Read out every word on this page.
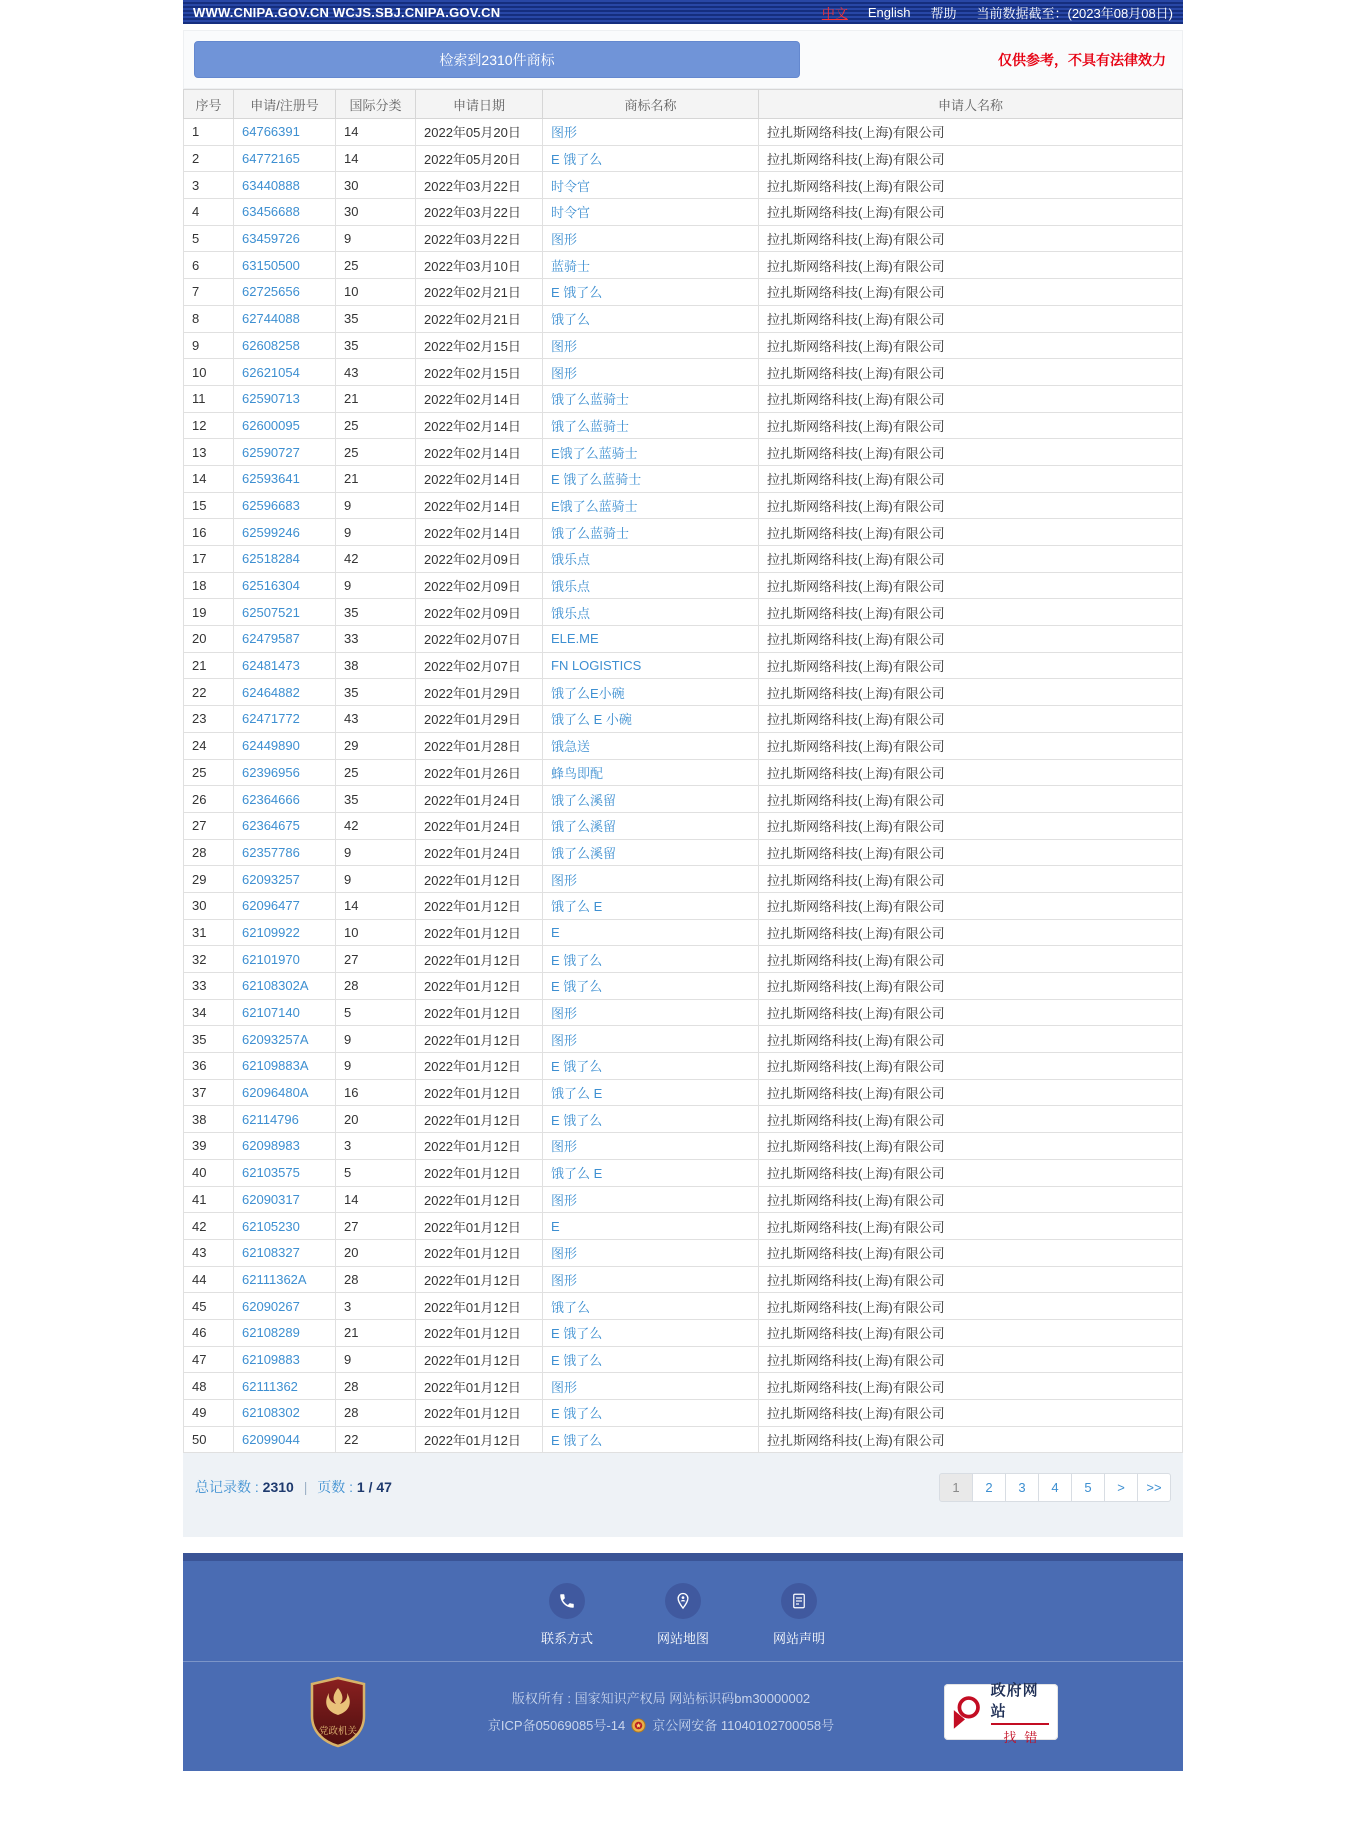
WWW.CNIPA.GOV.CN WCJS.SBJ.CNIPA.GOV.CN	中文 English 帮助 当前数据截至：(2023年08月08日)
检索到2310件商标	仅供参考，不具有法律效力
序号	申请/注册号	国际分类	申请日期	商标名称	申请人名称
1	64766391	14	2022年05月20日	图形	拉扎斯网络科技(上海)有限公司
2	64772165	14	2022年05月20日	E 饿了么	拉扎斯网络科技(上海)有限公司
3	63440888	30	2022年03月22日	时令官	拉扎斯网络科技(上海)有限公司
4	63456688	30	2022年03月22日	时令官	拉扎斯网络科技(上海)有限公司
5	63459726	9	2022年03月22日	图形	拉扎斯网络科技(上海)有限公司
6	63150500	25	2022年03月10日	蓝骑士	拉扎斯网络科技(上海)有限公司
7	62725656	10	2022年02月21日	E 饿了么	拉扎斯网络科技(上海)有限公司
8	62744088	35	2022年02月21日	饿了么	拉扎斯网络科技(上海)有限公司
9	62608258	35	2022年02月15日	图形	拉扎斯网络科技(上海)有限公司
10	62621054	43	2022年02月15日	图形	拉扎斯网络科技(上海)有限公司
11	62590713	21	2022年02月14日	饿了么蓝骑士	拉扎斯网络科技(上海)有限公司
12	62600095	25	2022年02月14日	饿了么蓝骑士	拉扎斯网络科技(上海)有限公司
13	62590727	25	2022年02月14日	E饿了么蓝骑士	拉扎斯网络科技(上海)有限公司
14	62593641	21	2022年02月14日	E 饿了么蓝骑士	拉扎斯网络科技(上海)有限公司
15	62596683	9	2022年02月14日	E饿了么蓝骑士	拉扎斯网络科技(上海)有限公司
16	62599246	9	2022年02月14日	饿了么蓝骑士	拉扎斯网络科技(上海)有限公司
17	62518284	42	2022年02月09日	饿乐点	拉扎斯网络科技(上海)有限公司
18	62516304	9	2022年02月09日	饿乐点	拉扎斯网络科技(上海)有限公司
19	62507521	35	2022年02月09日	饿乐点	拉扎斯网络科技(上海)有限公司
20	62479587	33	2022年02月07日	ELE.ME	拉扎斯网络科技(上海)有限公司
21	62481473	38	2022年02月07日	FN LOGISTICS	拉扎斯网络科技(上海)有限公司
22	62464882	35	2022年01月29日	饿了么E小碗	拉扎斯网络科技(上海)有限公司
23	62471772	43	2022年01月29日	饿了么 E 小碗	拉扎斯网络科技(上海)有限公司
24	62449890	29	2022年01月28日	饿急送	拉扎斯网络科技(上海)有限公司
25	62396956	25	2022年01月26日	蜂鸟即配	拉扎斯网络科技(上海)有限公司
26	62364666	35	2022年01月24日	饿了么溪留	拉扎斯网络科技(上海)有限公司
27	62364675	42	2022年01月24日	饿了么溪留	拉扎斯网络科技(上海)有限公司
28	62357786	9	2022年01月24日	饿了么溪留	拉扎斯网络科技(上海)有限公司
29	62093257	9	2022年01月12日	图形	拉扎斯网络科技(上海)有限公司
30	62096477	14	2022年01月12日	饿了么 E	拉扎斯网络科技(上海)有限公司
31	62109922	10	2022年01月12日	E	拉扎斯网络科技(上海)有限公司
32	62101970	27	2022年01月12日	E 饿了么	拉扎斯网络科技(上海)有限公司
33	62108302A	28	2022年01月12日	E 饿了么	拉扎斯网络科技(上海)有限公司
34	62107140	5	2022年01月12日	图形	拉扎斯网络科技(上海)有限公司
35	62093257A	9	2022年01月12日	图形	拉扎斯网络科技(上海)有限公司
36	62109883A	9	2022年01月12日	E 饿了么	拉扎斯网络科技(上海)有限公司
37	62096480A	16	2022年01月12日	饿了么 E	拉扎斯网络科技(上海)有限公司
38	62114796	20	2022年01月12日	E 饿了么	拉扎斯网络科技(上海)有限公司
39	62098983	3	2022年01月12日	图形	拉扎斯网络科技(上海)有限公司
40	62103575	5	2022年01月12日	饿了么 E	拉扎斯网络科技(上海)有限公司
41	62090317	14	2022年01月12日	图形	拉扎斯网络科技(上海)有限公司
42	62105230	27	2022年01月12日	E	拉扎斯网络科技(上海)有限公司
43	62108327	20	2022年01月12日	图形	拉扎斯网络科技(上海)有限公司
44	62111362A	28	2022年01月12日	图形	拉扎斯网络科技(上海)有限公司
45	62090267	3	2022年01月12日	饿了么	拉扎斯网络科技(上海)有限公司
46	62108289	21	2022年01月12日	E 饿了么	拉扎斯网络科技(上海)有限公司
47	62109883	9	2022年01月12日	E 饿了么	拉扎斯网络科技(上海)有限公司
48	62111362	28	2022年01月12日	图形	拉扎斯网络科技(上海)有限公司
49	62108302	28	2022年01月12日	E 饿了么	拉扎斯网络科技(上海)有限公司
50	62099044	22	2022年01月12日	E 饿了么	拉扎斯网络科技(上海)有限公司
总记录数 : 2310 | 页数 : 1 / 47	1	2	3	4	5	>	>>
联系方式	网站地图	网站声明
党政机关
版权所有 : 国家知识产权局 网站标识码bm30000002
京ICP备05069085号-14 京公网安备 11040102700058号
政府网站
找错
